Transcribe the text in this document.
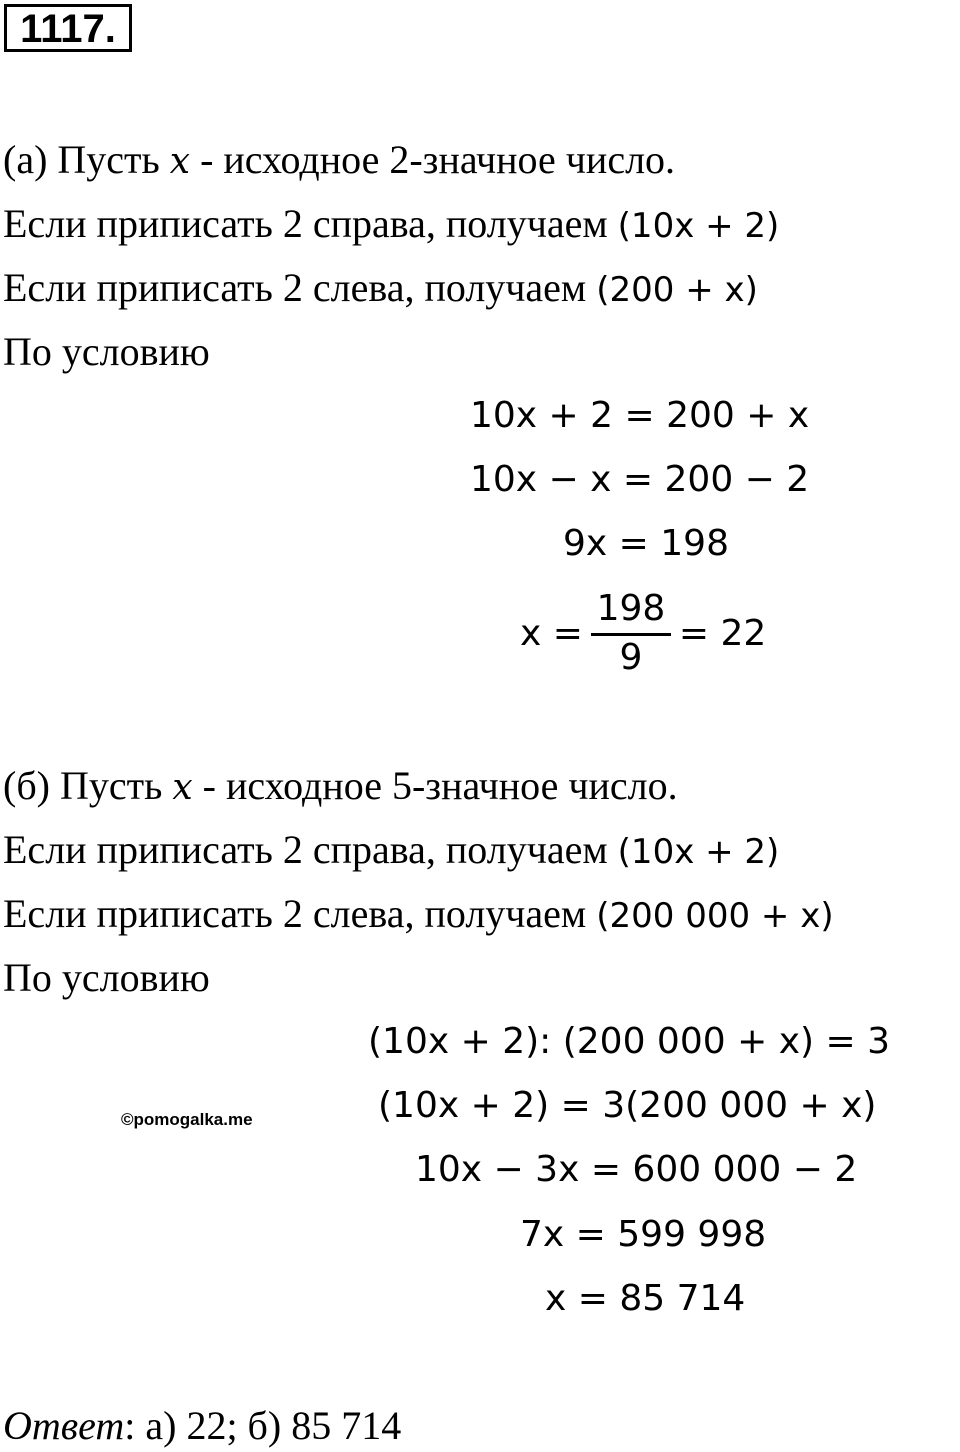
1117.
(а) Пусть x - исходное 2-значное число.
Если приписать 2 справа, получаем (10x + 2)
Если приписать 2 слева, получаем (200 + x)
По условию
10x + 2 = 200 + x
10x − x = 200 − 2
9x = 198
$x = \frac{198}{9} = 22$
(б) Пусть x - исходное 5-значное число.
Если приписать 2 справа, получаем (10x + 2)
Если приписать 2 слева, получаем (200 000 + x)
По условию
(10x + 2): (200 000 + x) = 3
(10x + 2) = 3(200 000 + x)
10x − 3x = 600 000 − 2
7x = 599 998
x = 85 714
©pomogalka.me
Ответ: а) 22; б) 85 714
